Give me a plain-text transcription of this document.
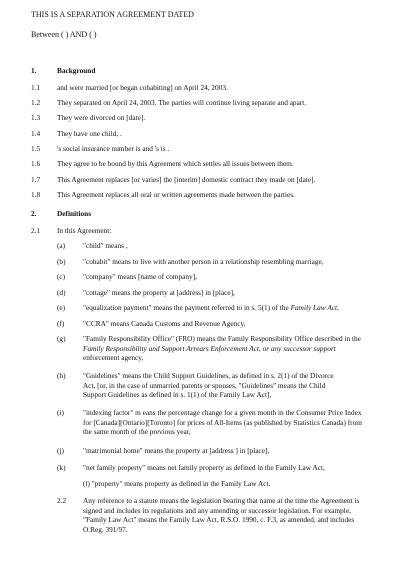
THIS IS A SEPARATION AGREEMENT DATED
Between ( ) AND ( )
1.	Background
1.1 and were married [or began cohabiting] on April 24, 2003.
1.2 They separated on April 24, 2003. The parties will continue living separate and apart.
1.3 They were divorced on [date].
1.4 They have one child, .
1.5 's social insurance number is and 's is .
1.6 They agree to be bound by this Agreement which settles all issues between them.
1.7 This Agreement replaces [or varies] the [interim] domestic contract they made on [date].
1.8 This Agreement replaces all oral or written agreements made between the parties.
2.	Definitions
2.1 In this Agreement:
(a) "child" means ,
(b) "cohabit" means to live with another person in a relationship resembling marriage,
(c) "company" means [name of company],
(d) "cottage" means the property at [address] in [place],
(e) "equalization payment" means the payment referred to in s. 5(1) of the Family Law Act,
(f)	"CCRA" means Canada Customs and Revenue Agency,
(g) "Family Responsibility Office" (FRO) means the Family Responsibility Office described in the
Family Responsibility and Support Arrears Enforcement Act, or any successor support
enforcement agency,
(h) "Guidelines" means the Child Support Guidelines, as defined in s. 2(1) of the Divorce
Act, [or, in the case of unmarried parents or spouses, "Guidelines" means the Child
Support Guidelines as defined in s. 1(1) of the Family Law Act],
(i)	"indexing factor" m eans the percentage change for a given month in the Consumer Price Index
for [Canada][Ontario][Toronto] for prices of All-Items (as published by Statistics Canada) from
the same month of the previous year,
(j)	"matrimonial home" means the property at [address ] in [place],
(k) "net family property" means net family property as defined in the Family Law Act,
(l) "property" means property as defined in the Family Law Act.
2.2 Any reference to a statute means the legislation bearing that name at the time the Agreement is
signed and includes its regulations and any amending or successor legislation. For example,
"Family Law Act" means the Family Law Act, R.S.O. 1990, c. F.3, as amended, and includes
O.Reg. 391/97.
